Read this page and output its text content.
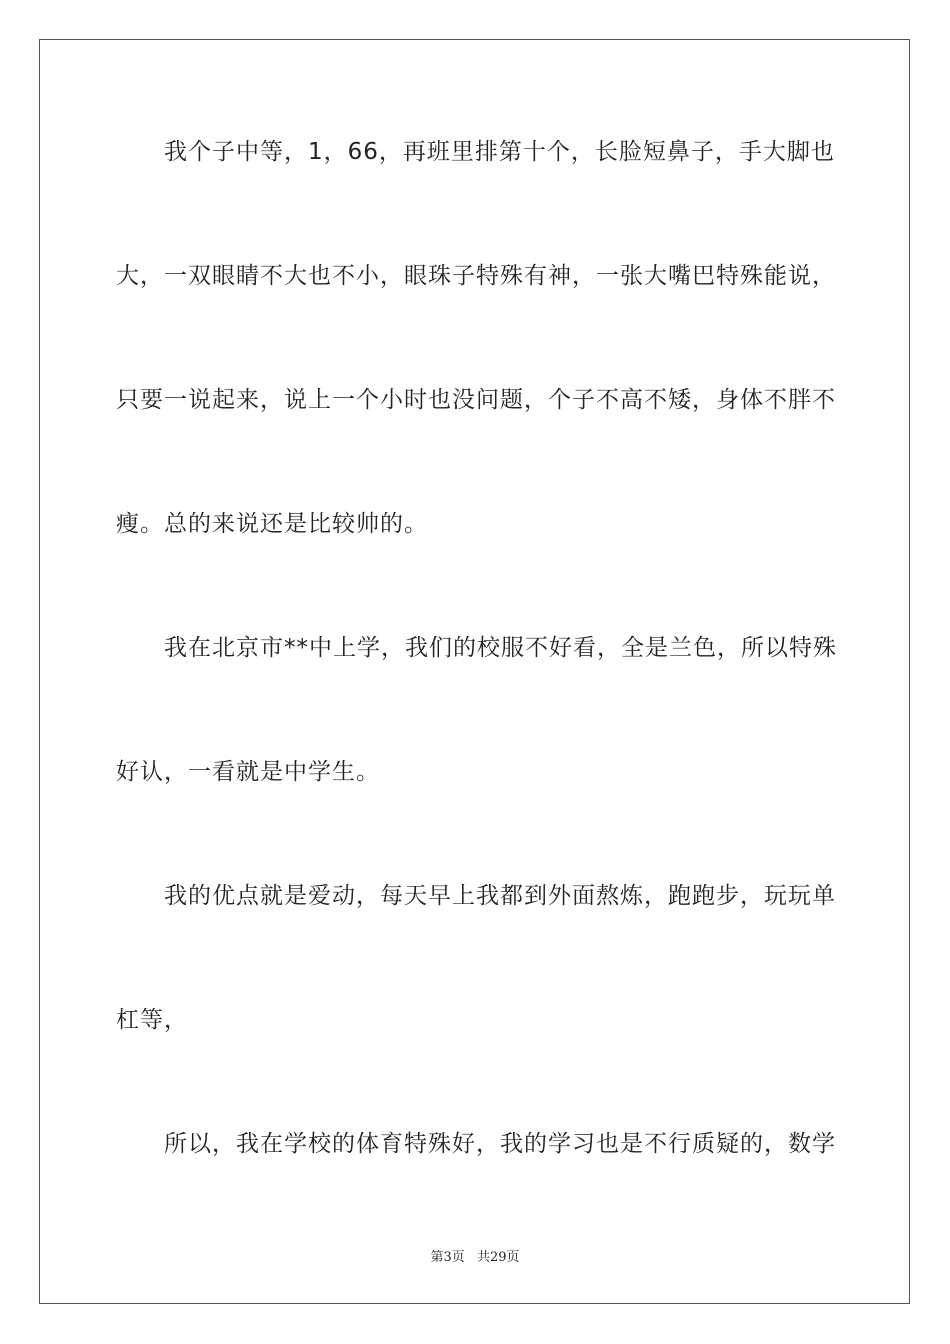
　　我个子中等，1，66，再班里排第十个，长脸短鼻子，手大脚也
大，一双眼睛不大也不小，眼珠子特殊有神，一张大嘴巴特殊能说，
只要一说起来，说上一个小时也没问题，个子不高不矮，身体不胖不
瘦。总的来说还是比较帅的。
　　我在北京市**中上学，我们的校服不好看，全是兰色，所以特殊
好认，一看就是中学生。
　　我的优点就是爱动，每天早上我都到外面熬炼，跑跑步，玩玩单
杠等，
　　所以，我在学校的体育特殊好，我的学习也是不行质疑的，数学
第3页 共29页
